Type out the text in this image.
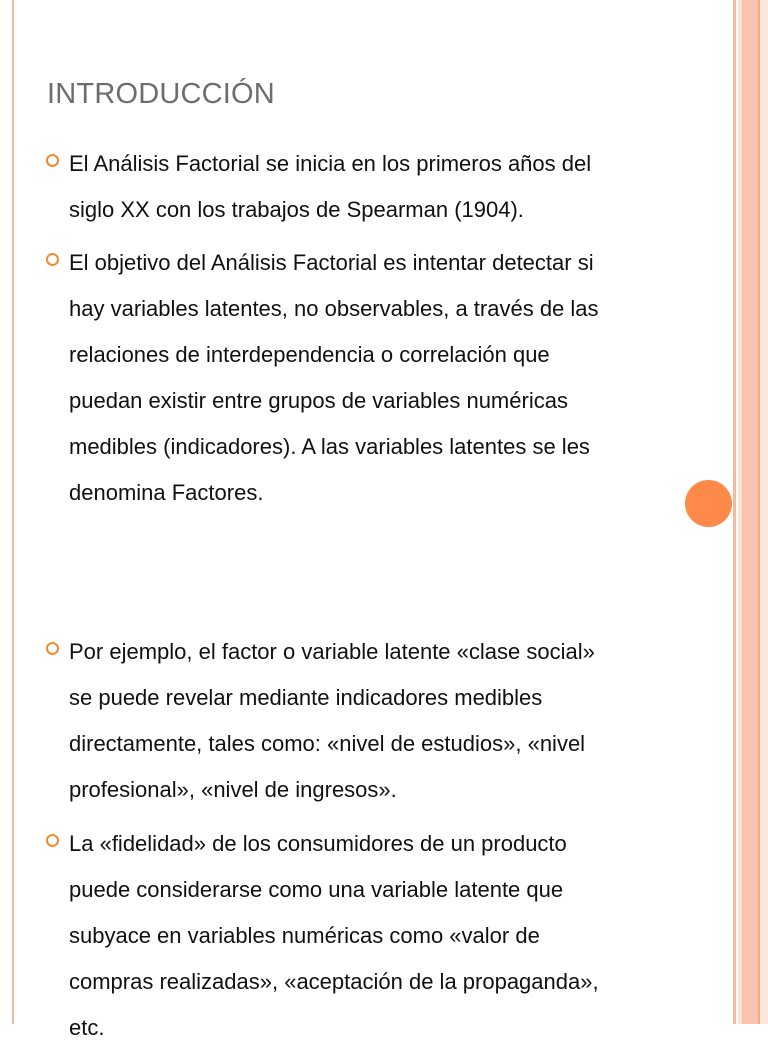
INTRODUCCIÓN

El Análisis Factorial se inicia en los primeros años del
siglo XX con los trabajos de Spearman (1904).

El objetivo del Análisis Factorial es intentar detectar si
hay variables latentes, no observables, a través de las
relaciones de interdependencia o correlación que
puedan existir entre grupos de variables numéricas
medibles (indicadores). A las variables latentes se les
denomina Factores.

Por ejemplo, el factor o variable latente «clase social»
se puede revelar mediante indicadores medibles
directamente, tales como: «nivel de estudios», «nivel
profesional», «nivel de ingresos».

La «fidelidad» de los consumidores de un producto
puede considerarse como una variable latente que
subyace en variables numéricas como «valor de
compras realizadas», «aceptación de la propaganda»,
etc.
